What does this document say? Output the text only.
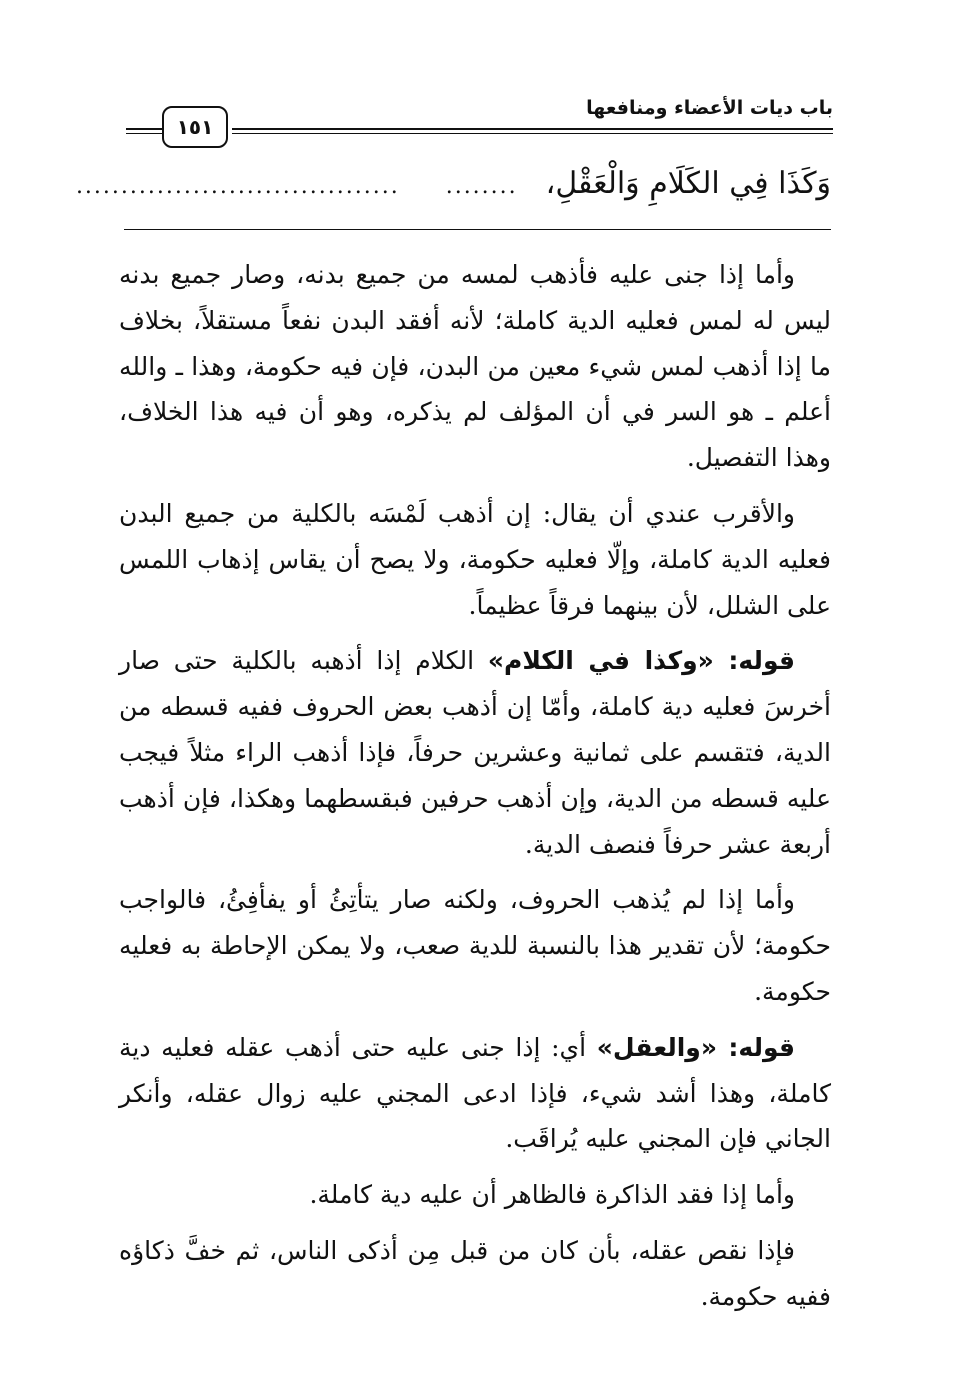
باب ديات الأعضاء ومنافعها
١٥١
وَكَذَا فِي الكَلَامِ وَالْعَقْلِ،
........
....................................

وأما إذا جنى عليه فأذهب لمسه من جميع بدنه، وصار جميع بدنه ليس له لمس فعليه الدية كاملة؛ لأنه أفقد البدن نفعاً مستقلاً، بخلاف ما إذا أذهب لمس شيء معين من البدن، فإن فيه حكومة، وهذا ـ والله أعلم ـ هو السر في أن المؤلف لم يذكره، وهو أن فيه هذا الخلاف، وهذا التفصيل.

والأقرب عندي أن يقال: إن أذهب لَمْسَه بالكلية من جميع البدن فعليه الدية كاملة، وإلّا فعليه حكومة، ولا يصح أن يقاس إذهاب اللمس على الشلل، لأن بينهما فرقاً عظيماً.

قوله: «وكذا في الكلام» الكلام إذا أذهبه بالكلية حتى صار أخرسَ فعليه دية كاملة، وأمّا إن أذهب بعض الحروف ففيه قسطه من الدية، فتقسم على ثمانية وعشرين حرفاً، فإذا أذهب الراء مثلاً فيجب عليه قسطه من الدية، وإن أذهب حرفين فبقسطهما وهكذا، فإن أذهب أربعة عشر حرفاً فنصف الدية.

وأما إذا لم يُذهب الحروف، ولكنه صار يتأتِئُ أو يفأفِئُ، فالواجب حكومة؛ لأن تقدير هذا بالنسبة للدية صعب، ولا يمكن الإحاطة به فعليه حكومة.

قوله: «والعقل» أي: إذا جنى عليه حتى أذهب عقله فعليه دية كاملة، وهذا أشد شيء، فإذا ادعى المجني عليه زوال عقله، وأنكر الجاني فإن المجني عليه يُراقَب.

وأما إذا فقد الذاكرة فالظاهر أن عليه دية كاملة.

فإذا نقص عقله، بأن كان من قبل مِن أذكى الناس، ثم خفَّ ذكاؤه ففيه حكومة.
